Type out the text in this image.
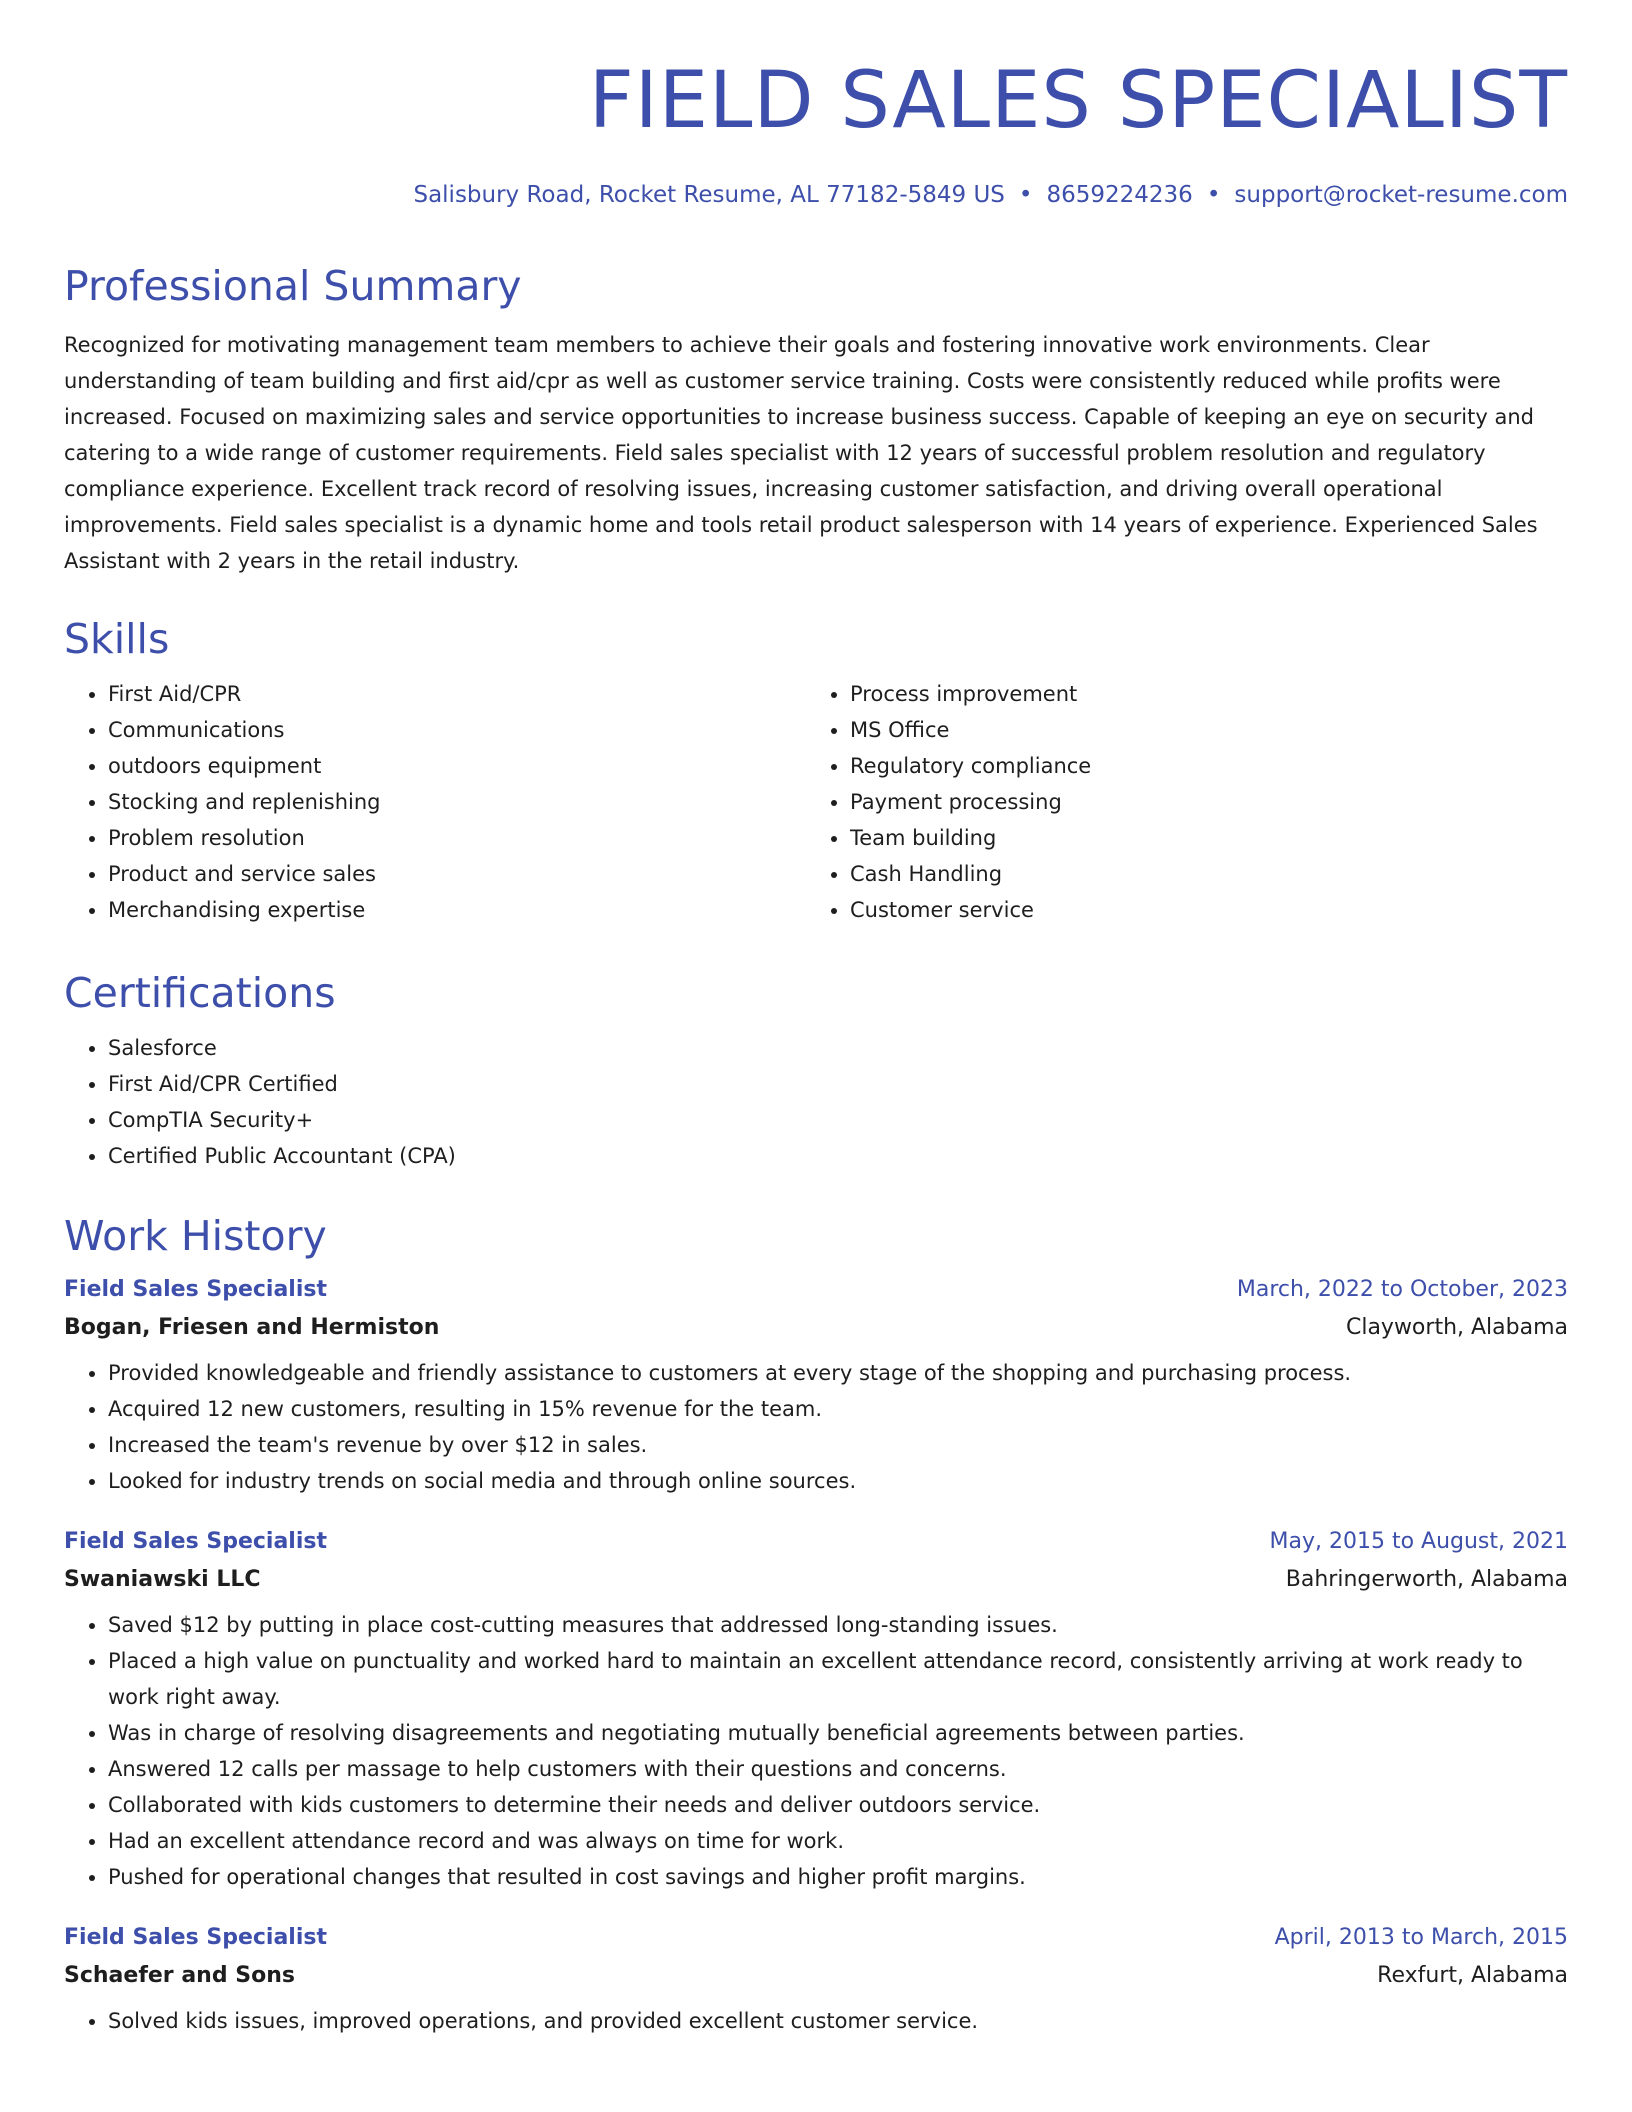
FIELD SALES SPECIALIST
Salisbury Road, Rocket Resume, AL 77182-5849 US • 8659224236 • support@rocket-resume.com
Professional Summary

Recognized for motivating management team members to achieve their goals and fostering innovative work environments. Clear understanding of team building and first aid/cpr as well as customer service training. Costs were consistently reduced while profits were increased. Focused on maximizing sales and service opportunities to increase business success. Capable of keeping an eye on security and catering to a wide range of customer requirements. Field sales specialist with 12 years of successful problem resolution and regulatory compliance experience. Excellent track record of resolving issues, increasing customer satisfaction, and driving overall operational improvements. Field sales specialist is a dynamic home and tools retail product salesperson with 14 years of experience. Experienced Sales Assistant with 2 years in the retail industry.

Skills
• First Aid/CPR
• Communications
• outdoors equipment
• Stocking and replenishing
• Problem resolution
• Product and service sales
• Merchandising expertise
• Process improvement
• MS Office
• Regulatory compliance
• Payment processing
• Team building
• Cash Handling
• Customer service
Certifications
• Salesforce
• First Aid/CPR Certified
• CompTIA Security+
• Certified Public Accountant (CPA)
Work History
Field Sales Specialist	March, 2022 to October, 2023
Bogan, Friesen and Hermiston	Clayworth, Alabama
• Provided knowledgeable and friendly assistance to customers at every stage of the shopping and purchasing process.
• Acquired 12 new customers, resulting in 15% revenue for the team.
• Increased the team's revenue by over $12 in sales.
• Looked for industry trends on social media and through online sources.
Field Sales Specialist	May, 2015 to August, 2021
Swaniawski LLC	Bahringerworth, Alabama
• Saved $12 by putting in place cost-cutting measures that addressed long-standing issues.
• Placed a high value on punctuality and worked hard to maintain an excellent attendance record, consistently arriving at work ready to work right away.
• Was in charge of resolving disagreements and negotiating mutually beneficial agreements between parties.
• Answered 12 calls per massage to help customers with their questions and concerns.
• Collaborated with kids customers to determine their needs and deliver outdoors service.
• Had an excellent attendance record and was always on time for work.
• Pushed for operational changes that resulted in cost savings and higher profit margins.
Field Sales Specialist	April, 2013 to March, 2015
Schaefer and Sons	Rexfurt, Alabama
• Solved kids issues, improved operations, and provided excellent customer service.
